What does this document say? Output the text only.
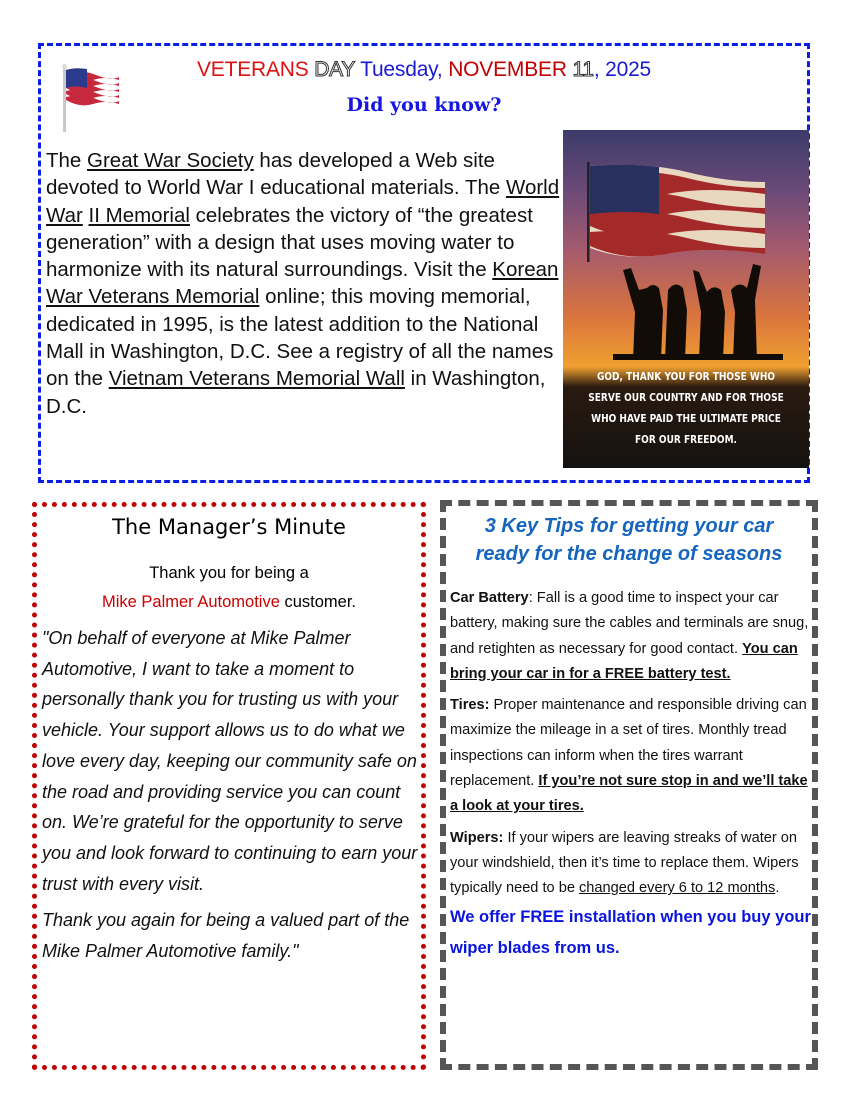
VETERANS DAY Tuesday, NOVEMBER 11, 2025
Did you know?
The Great War Society has developed a Web site devoted to World War I educational materials. The World War II Memorial celebrates the victory of “the greatest generation” with a design that uses moving water to harmonize with its natural surroundings. Visit the Korean War Veterans Memorial online; this moving memorial, dedicated in 1995, is the latest addition to the National Mall in Washington, D.C. See a registry of all the names on the Vietnam Veterans Memorial Wall in Washington, D.C.
GOD, THANK YOU FOR THOSE WHO
SERVE OUR COUNTRY AND FOR THOSE
WHO HAVE PAID THE ULTIMATE PRICE
FOR OUR FREEDOM.
The Manager’s Minute
Thank you for being a
Mike Palmer Automotive customer.

"On behalf of everyone at Mike Palmer Automotive, I want to take a moment to personally thank you for trusting us with your vehicle. Your support allows us to do what we love every day, keeping our community safe on the road and providing service you can count on. We’re grateful for the opportunity to serve you and look forward to continuing to earn your trust with every visit.

Thank you again for being a valued part of the Mike Palmer Automotive family."

3 Key Tips for getting your car
ready for the change of seasons

Car Battery: Fall is a good time to inspect your car battery, making sure the cables and terminals are snug, and retighten as necessary for good contact. You can bring your car in for a FREE battery test.

Tires: Proper maintenance and responsible driving can maximize the mileage in a set of tires. Monthly tread inspections can inform when the tires warrant replacement. If you’re not sure stop in and we’ll take a look at your tires.

Wipers: If your wipers are leaving streaks of water on your windshield, then it’s time to replace them. Wipers typically need to be changed every 6 to 12 months.

We offer FREE installation when you buy your wiper blades from us.
